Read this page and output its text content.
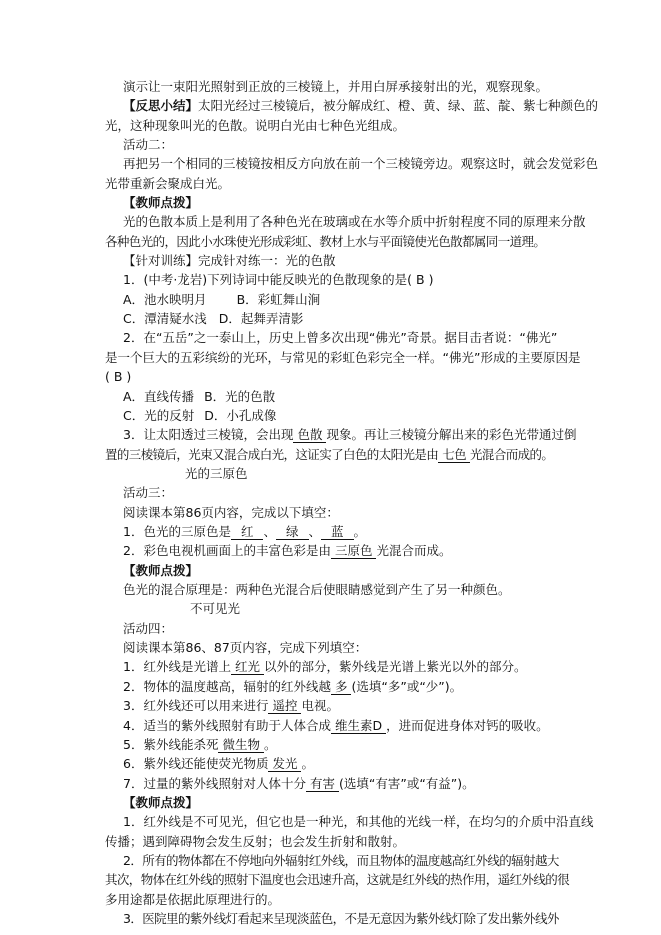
演示让一束阳光照射到正放的三棱镜上，并用白屏承接射出的光，观察现象。
【反思小结】太阳光经过三棱镜后，被分解成红、橙、黄、绿、蓝、靛、紫七种颜色的
光，这种现象叫光的色散。说明白光由七种色光组成。
活动二：
再把另一个相同的三棱镜按相反方向放在前一个三棱镜旁边。观察这时，就会发觉彩色
光带重新会聚成白光。
【教师点拨】
光的色散本质上是利用了各种色光在玻璃或在水等介质中折射程度不同的原理来分散
各种色光的，因此小水珠使光形成彩虹、教材上水与平面镜使光色散都属同一道理。
【针对训练】完成针对练一：光的色散
1．(中考·龙岩)下列诗词中能反映光的色散现象的是( B )
A．池水映明月 B．彩虹舞山涧
C．潭清疑水浅 D．起舞弄清影
2．在“五岳”之一泰山上，历史上曾多次出现“佛光”奇景。据目击者说：“佛光”
是一个巨大的五彩缤纷的光环，与常见的彩虹色彩完全一样。“佛光”形成的主要原因是
( B )
A．直线传播 B．光的色散
C．光的反射 D．小孔成像
3．让太阳透过三棱镜，会出现 色散 现象。再让三棱镜分解出来的彩色光带通过倒
置的三棱镜后，光束又混合成白光，这证实了白色的太阳光是由 七色 光混合而成的。
光的三原色
活动三：
阅读课本第86页内容，完成以下填空：
1．色光的三原色是 红 、 绿 、 蓝 。
2．彩色电视机画面上的丰富色彩是由 三原色 光混合而成。
【教师点拨】
色光的混合原理是：两种色光混合后使眼睛感觉到产生了另一种颜色。
不可见光
活动四：
阅读课本第86、87页内容，完成下列填空：
1．红外线是光谱上 红光 以外的部分，紫外线是光谱上紫光以外的部分。
2．物体的温度越高，辐射的红外线越 多 (选填“多”或“少”)。
3．红外线还可以用来进行 遥控 电视。
4．适当的紫外线照射有助于人体合成 维生素D ，进而促进身体对钙的吸收。
5．紫外线能杀死 微生物 。
6．紫外线还能使荧光物质 发光 。
7．过量的紫外线照射对人体十分 有害 (选填“有害”或“有益”)。
【教师点拨】
1．红外线是不可见光，但它也是一种光，和其他的光线一样，在均匀的介质中沿直线
传播；遇到障碍物会发生反射；也会发生折射和散射。
2．所有的物体都在不停地向外辐射红外线，而且物体的温度越高红外线的辐射越大
其次，物体在红外线的照射下温度也会迅速升高，这就是红外线的热作用，遥红外线的很
多用途都是依据此原理进行的。
3．医院里的紫外线灯看起来呈现淡蓝色，不是无意因为紫外线灯除了发出紫外线外
